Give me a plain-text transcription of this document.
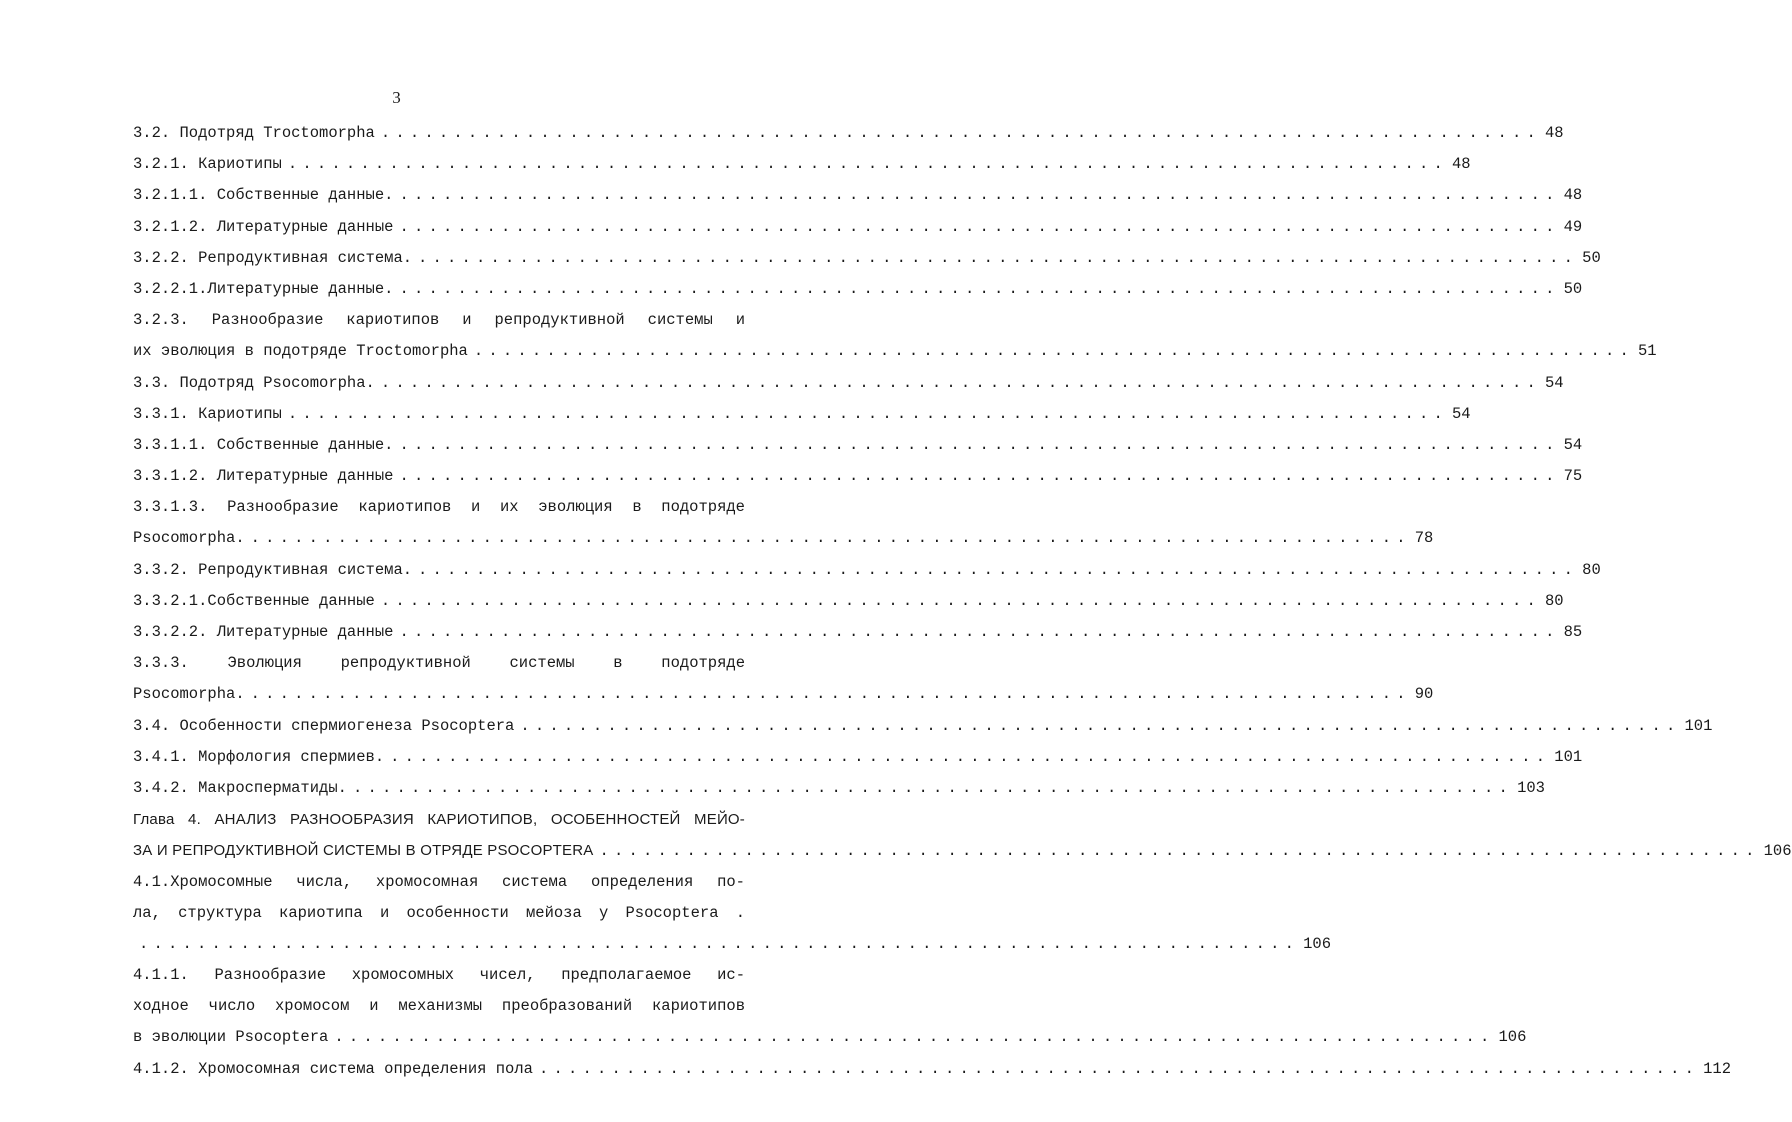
3
3.2. Подотряд Troctomorpha ................................................................................ 48
3.2.1. Кариотипы ................................................................................ 48
3.2.1.1. Собственные данные. ................................................................................ 48
3.2.1.2. Литературные данные ................................................................................ 49
3.2.2. Репродуктивная система. ................................................................................ 50
3.2.2.1.Литературные данные. ................................................................................ 50
3.2.3. Разнообразие кариотипов и репродуктивной системы и
их эволюция в подотряде Troctomorpha ................................................................................ 51
3.3. Подотряд Psocomorpha. ................................................................................ 54
3.3.1. Кариотипы ................................................................................ 54
3.3.1.1. Собственные данные. ................................................................................ 54
3.3.1.2. Литературные данные ................................................................................ 75
3.3.1.3. Разнообразие кариотипов и их эволюция в подотряде
Psocomorpha. ................................................................................ 78
3.3.2. Репродуктивная система. ................................................................................ 80
3.3.2.1.Собственные данные ................................................................................ 80
3.3.2.2. Литературные данные ................................................................................ 85
3.3.3. Эволюция репродуктивной системы в подотряде
Psocomorpha. ................................................................................ 90
3.4. Особенности спермиогенеза Psocoptera ................................................................................ 101
3.4.1. Морфология спермиев. ................................................................................ 101
3.4.2. Макросперматиды. ................................................................................ 103
Глава 4. АНАЛИЗ РАЗНООБРАЗИЯ КАРИОТИПОВ, ОСОБЕННОСТЕЙ МЕЙО-
ЗА И РЕПРОДУКТИВНОЙ СИСТЕМЫ В ОТРЯДЕ PSOCOPTERA ................................................................................ 106
4.1.Хромосомные числа, хромосомная система определения по-
ла, структура кариотипа и особенности мейоза у Psocoptera .
................................................................................ 106
4.1.1. Разнообразие хромосомных чисел, предполагаемое ис-
ходное число хромосом и механизмы преобразований кариотипов
в эволюции Psocoptera ................................................................................ 106
4.1.2. Хромосомная система определения пола ................................................................................ 112
